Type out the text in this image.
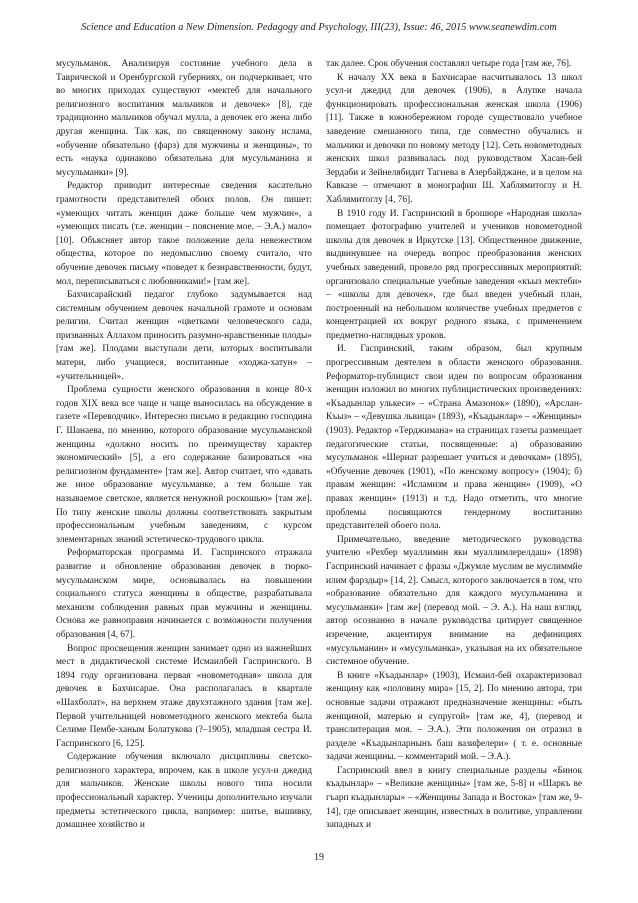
Science and Education a New Dimension. Pedagogy and Psychology, III(23), Issue: 46, 2015 www.seanewdim.com

мусульманок. Анализируя состояние учебного дела в Таврической и Оренбургской губерниях, он подчеркивает, что во многих приходах существуют «мектеб для начального религиозного воспитания мальчиков и девочек» [8], где традиционно мальчиков обучал мулла, а девочек его жена либо другая женщина. Так как, по священному закону ислама, «обучение обязательно (фарз) для мужчины и женщины», то есть «наука одинаково обязательна для мусульманина и мусульманки» [9].

Редактор приводит интересные сведения касательно грамотности представителей обоих полов. Он пишет: «умеющих читать женщин даже больше чем мужчин», а «умеющих писать (т.е. женщин – пояснение мое. – Э.А.) мало» [10]. Объясняет автор такое положение дела невежеством общества, которое по недомыслию своему считало, что обучение девочек письму «поведет к безнравственности, будут, мол, переписываться с любовниками!» [там же].

Бахчисарайский педагог глубоко задумывается над системным обучением девочек начальной грамоте и основам религии. Считал женщин «цветками человеческого сада, призванных Аллахом приносить разумно-нравственные плоды» [там же]. Плодами выступали дети, которых воспитывали матери, либо учащиеся, воспитанные «ходжа-хатун» – «учительницей».

Проблема сущности женского образования в конце 80-х годов XIX века все чаще и чаще выносилась на обсуждение в газете «Переводчик». Интересно письмо в редакцию господина Г. Шанаева, по мнению, которого образование мусульманской женщины «должно носить по преимуществу характер экономический» [5], а его содержание базироваться «на религиозном фундаменте» [там же]. Автор считает, что «давать же иное образование мусульманке, а тем больше так называемое светское, является ненужной роскошью» [там же]. По типу женские школы должны соответствовать закрытым профессиональным учебным заведениям, с курсом элементарных знаний эстетическо-трудового цикла.

Реформаторская программа И. Гаспринского отражала развитие и обновление образования девочек в тюрко-мусульманском мире, основывалась на повышении социального статуса женщины в обществе, разрабатывала механизм соблюдения равных прав мужчины и женщины. Основа же равноправия начинается с возможности получения образования [4, 67].

Вопрос просвещения женщин занимает одно из важнейших мест в дидактической системе Исмаилбей Гаспринского. В 1894 году организована первая «новометодная» школа для девочек в Бахчисарае. Она располагалась в квартале «Шахболат», на верхнем этаже двухэтажного здания [там же]. Первой учительницей новометодного женского мектеба была Селиме Пембе-ханым Болатукова (?–1905), младшая сестра И. Гаспринского [6, 125].

Содержание обучения включало дисциплины светско-религиозного характера, впрочем, как в школе усул-и джедид для мальчиков. Женские школы нового типа носили профессиональный характер. Ученицы дополнительно изучали предметы эстетического цикла, например: шитье, вышивку, домашнее хозяйство и

так далее. Срок обучения составлял четыре года [там же, 76].

К началу XX века в Бахчисарае насчитывалось 13 школ усул-и джедид для девочек (1906), в Алупке начала функционировать профессиональная женская школа (1906) [11]. Также в южнобережном городе существовало учебное заведение смешанного типа, где совместно обучались и мальчики и девочки по новому методу [12]. Сеть новометодных женских школ развивалась под руководством Хасан-бей Зердаби и Зейнелябидит Тагиева в Азербайджане, и в целом на Кавказе – отмечают в монографии Ш. Хаблямитоглу и Н. Хаблямитоглу [4, 76].

В 1910 году И. Гаспринский в брошюре «Народная школа» помещает фотографию учителей и учеников новометодной школы для девочек в Иркутске [13]. Общественное движение, выдвинувшее на очередь вопрос преобразования женских учебных заведений, провело ряд прогрессивных мероприятий: организовало специальные учебные заведения «къыз мектеби» – «школы для девочек», где был введен учебный план, построенный на небольшом количестве учебных предметов с концентрацией их вокруг родного языка, с применением предметно-наглядных уроков.

И. Гаспринский, таким образом, был крупным прогрессивным деятелем в области женского образования. Реформатор-публицист свои идеи по вопросам образования женщин изложил во многих публицистических произведениях: «Къадынлар улькеси» – «Страна Амазонок» (1890), «Арслан-Къыз» – «Девушка львица» (1893), «Къадынлар» – «Женщины» (1903). Редактор «Терджимана» на страницах газеты размещает педагогические статьи, посвященные: а) образованию мусульманок «Шериат разрешает учиться и девочкам» (1895), «Обучение девочек (1901), «По женскому вопросу» (1904); б) правам женщин: «Исламизм и права женщин» (1909), «О правах женщин» (1913) и т.д. Надо отметить, что многие проблемы посвящаются гендерному воспитанию представителей обоего пола.

Примечательно, введение методического руководства учителю «Рехбер муаллимин яки муаллимлерелдаш» (1898) Гаспринский начинает с фразы «Джумле муслим ве муслиммйе илим фарздыр» [14, 2]. Смысл, которого заключается в том, что «образование обязательно для каждого мусульманина и мусульманки» [там же] (перевод мой. – Э. А.). На наш взгляд, автор осознанно в начале руководства цитирует священное изречение, акцентируя внимание на дефинициях «мусульманин» и «мусульманка», указывая на их обязательное системное обучение.

В книге «Къадынлар» (1903), Исмаил-бей охарактеризовал женщину как «половину мира» [15, 2]. По мнению автора, три основные задачи отражают предназначение женщины: «быть женщиной, матерью и супругой» [там же, 4], (перевод и транслитерация моя. – Э.А.). Эти положения он отразил в разделе «Къадынларнынъ баш вазифелери» ( т. е. основные задачи женщины. – комментарий мой. – Э.А.).

Гаспринский ввел в книгу специальные разделы «Бинок къадынлар» – «Великие женщины» [там же, 5-8] и «Шаркъ ве гъарп къадынлары» – «Женщины Запада и Востока» [там же, 9-14], где описывает женщин, известных в политике, управлении западных и

19
